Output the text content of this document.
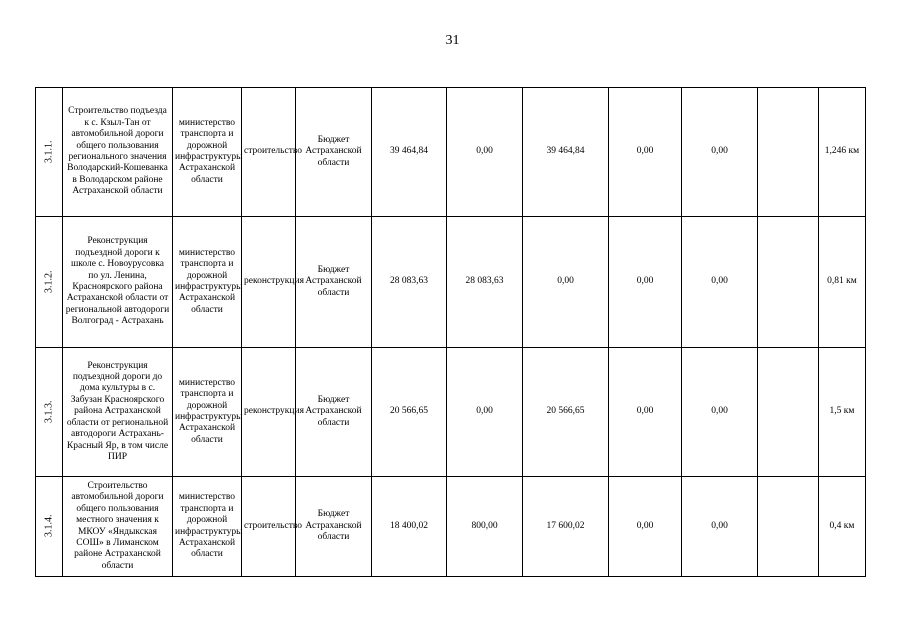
31
3.1.1.	Строительство подъезда к с. Кзыл-Тан от автомобильной дороги общего пользования регионального значения Володарский-Кошеванка в Володарском районе Астраханской области	министерство транспорта и дорожной инфраструктуры Астраханской области	строительство	Бюджет Астраханской области	39 464,84	0,00	39 464,84	0,00	0,00		1,246 км
3.1.2.	Реконструкция подъездной дороги к школе с. Новоурусовка по ул. Ленина, Красноярского района Астраханской области от региональной автодороги Волгоград - Астрахань	министерство транспорта и дорожной инфраструктуры Астраханской области	реконструкция	Бюджет Астраханской области	28 083,63	28 083,63	0,00	0,00	0,00		0,81 км
3.1.3.	Реконструкция подъездной дороги до дома культуры в с. Забузан Красноярского района Астраханской области от региональной автодороги Астрахань-Красный Яр, в том числе ПИР	министерство транспорта и дорожной инфраструктуры Астраханской области	реконструкция	Бюджет Астраханской области	20 566,65	0,00	20 566,65	0,00	0,00		1,5 км
3.1.4.	Строительство автомобильной дороги общего пользования местного значения к МКОУ «Яндыкская СОШ» в Лиманском районе Астраханской области	министерство транспорта и дорожной инфраструктуры Астраханской области	строительство	Бюджет Астраханской области	18 400,02	800,00	17 600,02	0,00	0,00		0,4 км
